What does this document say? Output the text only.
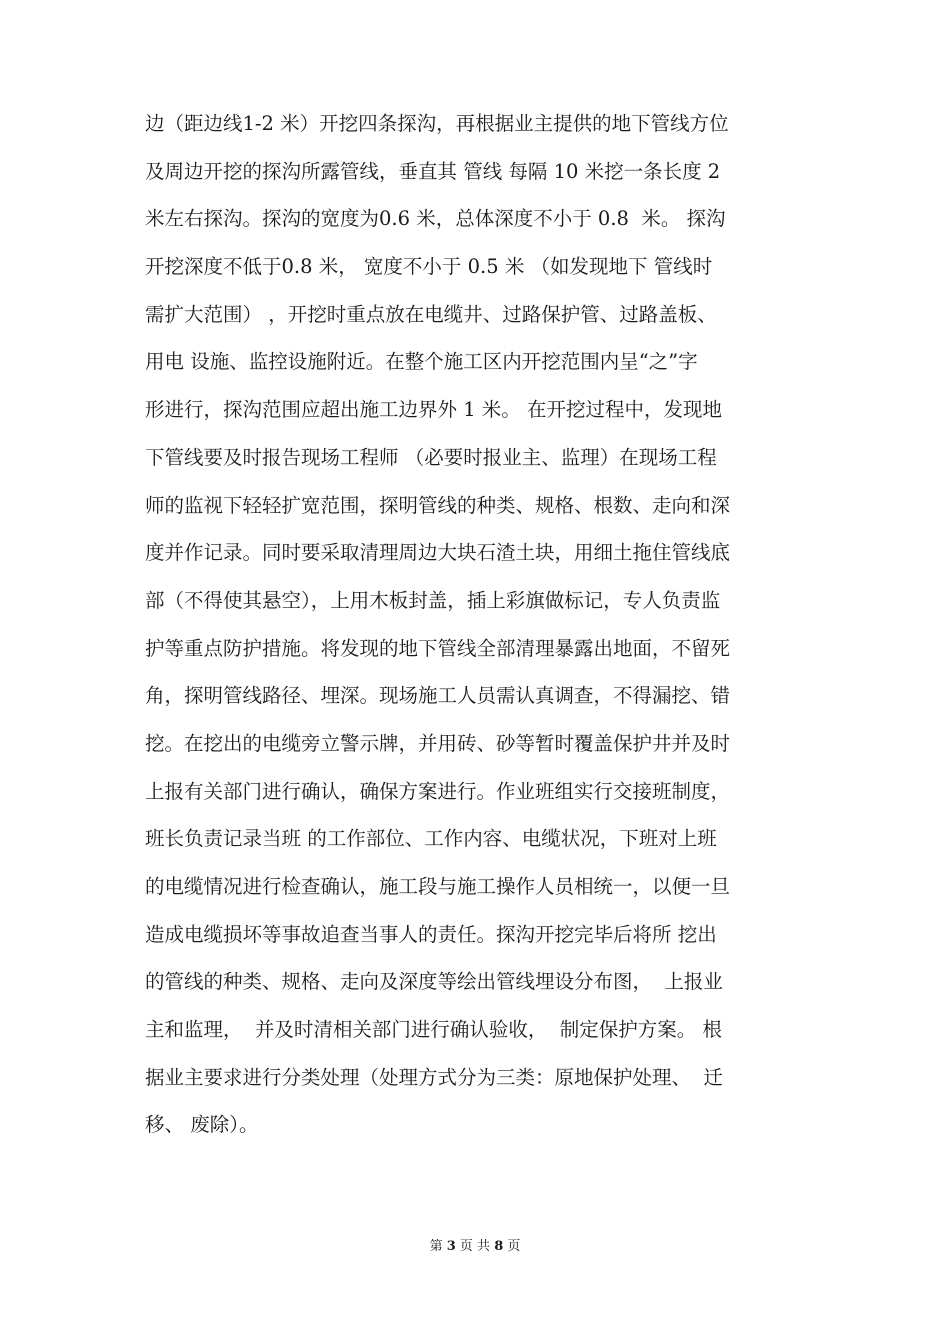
边（距边线1-2 米）开挖四条探沟，再根据业主提供的地下管线方位
及周边开挖的探沟所露管线，垂直其 管线 每隔 10 米挖一条长度 2
米左右探沟。探沟的宽度为0.6 米，总体深度不小于 0.8  米。 探沟
开挖深度不低于0.8 米， 宽度不小于 0.5 米 （如发现地下 管线时
需扩大范围） ，开挖时重点放在电缆井、过路保护管、过路盖板、
用电 设施、监控设施附近。在整个施工区内开挖范围内呈“之”字
形进行，探沟范围应超出施工边界外 1 米。 在开挖过程中，发现地
下管线要及时报告现场工程师 （必要时报业主、监理）在现场工程
师的监视下轻轻扩宽范围，探明管线的种类、规格、根数、走向和深
度并作记录。同时要采取清理周边大块石渣土块，用细土拖住管线底
部（不得使其悬空），上用木板封盖，插上彩旗做标记，专人负责监
护等重点防护措施。将发现的地下管线全部清理暴露出地面，不留死
角，探明管线路径、埋深。现场施工人员需认真调查，不得漏挖、错
挖。在挖出的电缆旁立警示牌，并用砖、砂等暂时覆盖保护井并及时
上报有关部门进行确认，确保方案进行。作业班组实行交接班制度，
班长负责记录当班 的工作部位、工作内容、电缆状况，下班对上班
的电缆情况进行检查确认，施工段与施工操作人员相统一，以便一旦
造成电缆损坏等事故追查当事人的责任。探沟开挖完毕后将所 挖出
的管线的种类、规格、走向及深度等绘出管线埋设分布图，  上报业
主和监理，  并及时清相关部门进行确认验收，  制定保护方案。 根
据业主要求进行分类处理（处理方式分为三类：原地保护处理、  迁
移、 废除）。
第 3 页 共 8 页
